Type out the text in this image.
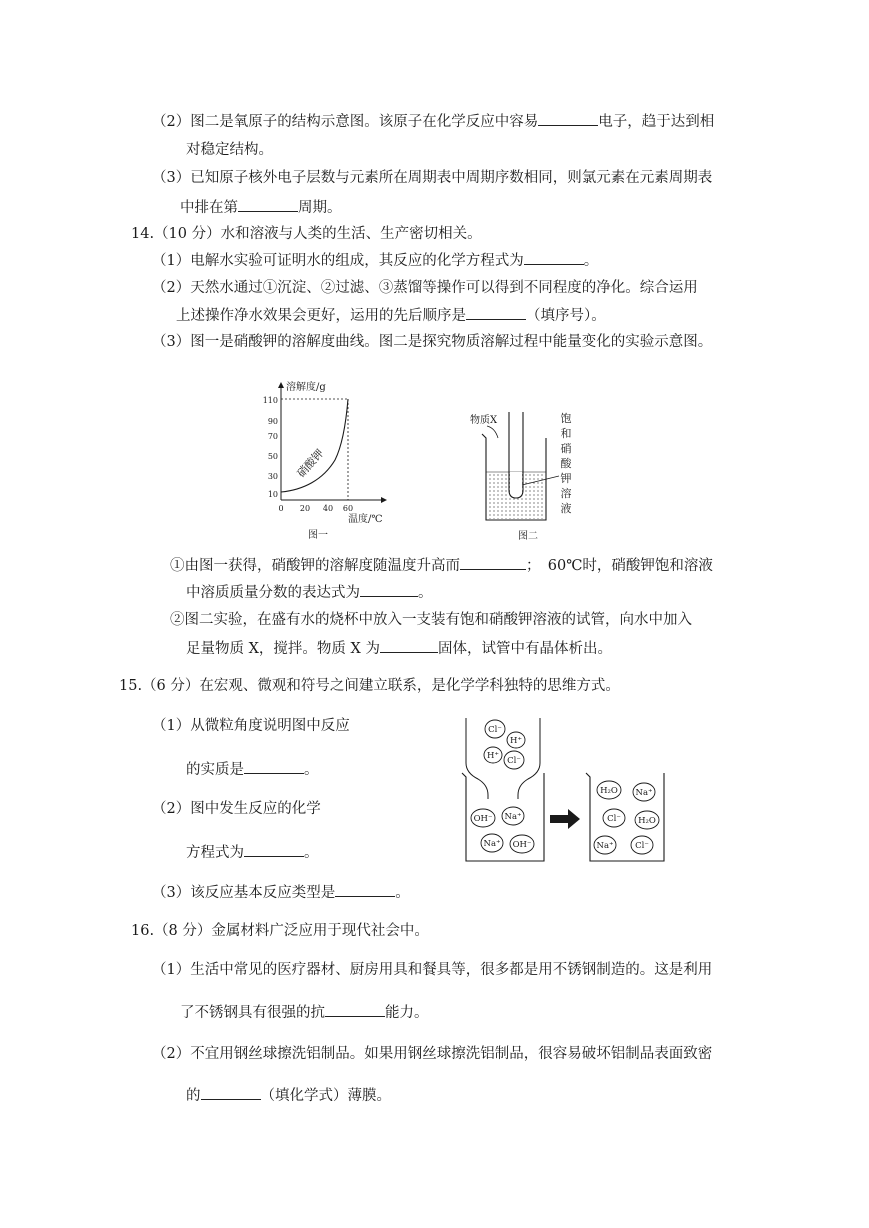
（2）图二是氧原子的结构示意图。该原子在化学反应中容易	电子，趋于达到相
对稳定结构。
（3）已知原子核外电子层数与元素所在周期表中周期序数相同，则氯元素在元素周期表
中排在第	周期。
14.（10 分）水和溶液与人类的生活、生产密切相关。
（1）电解水实验可证明水的组成，其反应的化学方程式为	。
（2）天然水通过①沉淀、②过滤、③蒸馏等操作可以得到不同程度的净化。综合运用
上述操作净水效果会更好，运用的先后顺序是	（填序号）。
（3）图一是硝酸钾的溶解度曲线。图二是探究物质溶解过程中能量变化的实验示意图。
溶解度/g
温度/℃
110
90
70
50
30
10
0 20 40 60
硝酸钾
图一
物质X	饱
和
硝
酸
钾
溶
液
图二
①由图一获得，硝酸钾的溶解度随温度升高而	；　60℃时，硝酸钾饱和溶液
中溶质质量分数的表达式为	。
②图二实验，在盛有水的烧杯中放入一支装有饱和硝酸钾溶液的试管，向水中加入
足量物质 X，搅拌。物质 X 为	固体，试管中有晶体析出。
15.（6 分）在宏观、微观和符号之间建立联系，是化学学科独特的思维方式。
（1）从微粒角度说明图中反应
的实质是	。
（2）图中发生反应的化学
方程式为	。
（3）该反应基本反应类型是	。
Cl⁻
H⁺
H⁺ Cl⁻
OH⁻ Na⁺
Na⁺ OH⁻
H₂O Na⁺
Cl⁻ H₂O
Na⁺	Cl⁻
16.（8 分）金属材料广泛应用于现代社会中。
（1）生活中常见的医疗器材、厨房用具和餐具等，很多都是用不锈钢制造的。这是利用
了不锈钢具有很强的抗	能力。
（2）不宜用钢丝球擦洗铝制品。如果用钢丝球擦洗铝制品，很容易破坏铝制品表面致密
的	（填化学式）薄膜。
